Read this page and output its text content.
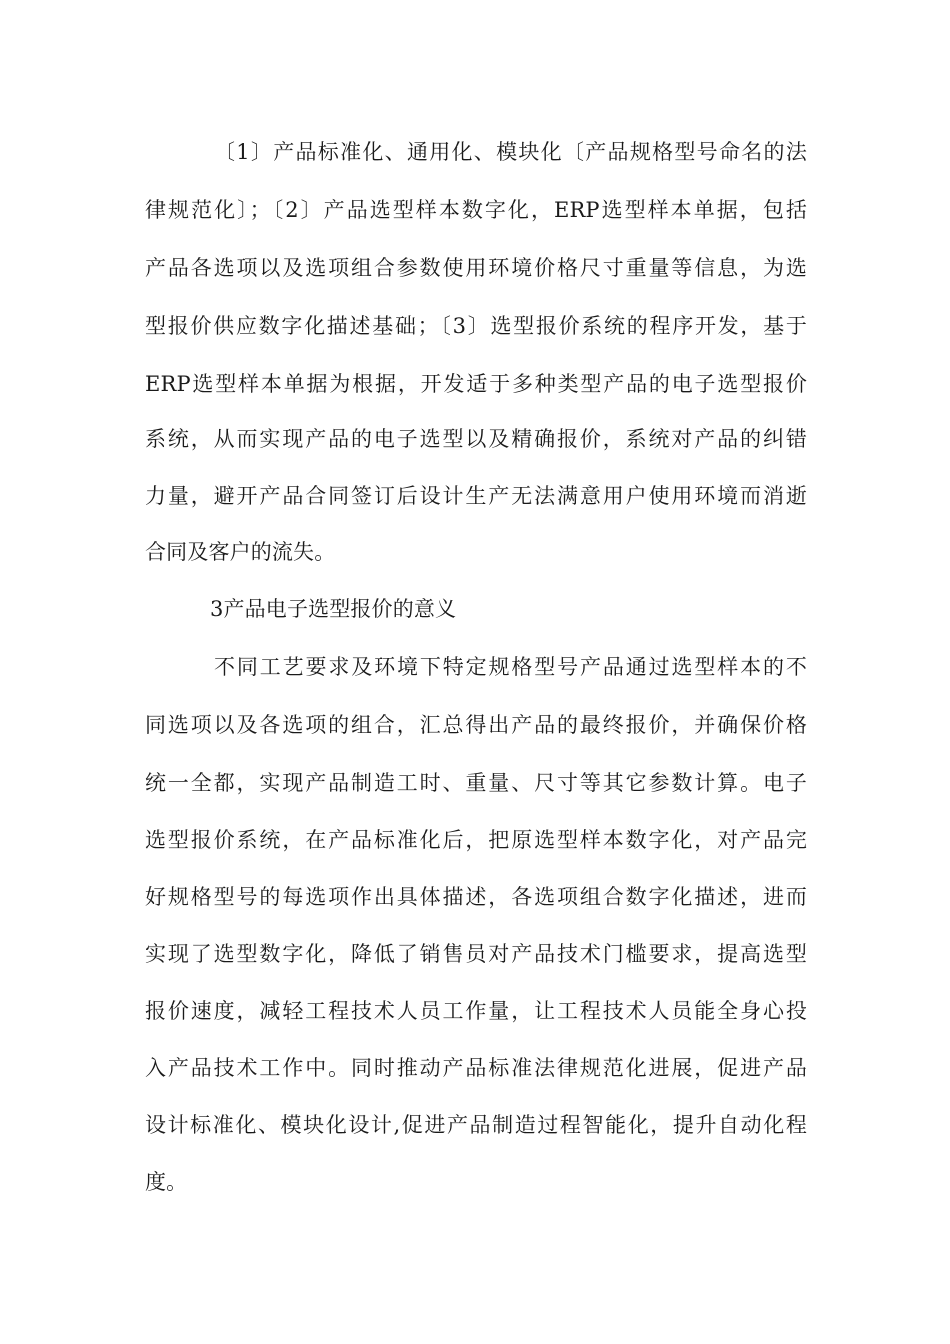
〔1〕产品标准化、通用化、模块化〔产品规格型号命名的法
律规范化〕；〔2〕产品选型样本数字化，ERP选型样本单据，包括
产品各选项以及选项组合参数使用环境价格尺寸重量等信息，为选
型报价供应数字化描述基础；〔3〕选型报价系统的程序开发，基于
ERP选型样本单据为根据，开发适于多种类型产品的电子选型报价
系统，从而实现产品的电子选型以及精确报价，系统对产品的纠错
力量，避开产品合同签订后设计生产无法满意用户使用环境而消逝
合同及客户的流失。
3产品电子选型报价的意义
不同工艺要求及环境下特定规格型号产品通过选型样本的不
同选项以及各选项的组合，汇总得出产品的最终报价，并确保价格
统一全都，实现产品制造工时、重量、尺寸等其它参数计算。电子
选型报价系统，在产品标准化后，把原选型样本数字化，对产品完
好规格型号的每选项作出具体描述，各选项组合数字化描述，进而
实现了选型数字化，降低了销售员对产品技术门槛要求，提高选型
报价速度，减轻工程技术人员工作量，让工程技术人员能全身心投
入产品技术工作中。同时推动产品标准法律规范化进展，促进产品
设计标准化、模块化设计,促进产品制造过程智能化，提升自动化程
度。
